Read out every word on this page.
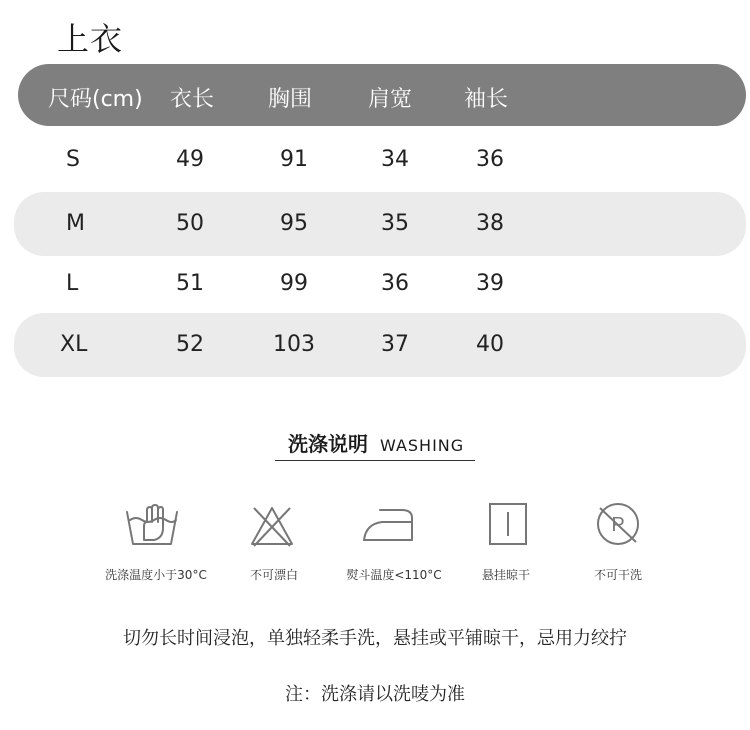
上衣
尺码(cm) 衣长 胸围	肩宽 袖长
S	49	91	34	36
M	50	95	35	38
L	51	99	36	39
XL	52	103	37	40
洗涤说明 WASHING
洗涤温度小于30°C	不可漂白	熨斗温度<110°C	悬挂晾干
P
不可干洗
切勿长时间浸泡，单独轻柔手洗，悬挂或平铺晾干，忌用力绞拧
注：洗涤请以洗唛为准
